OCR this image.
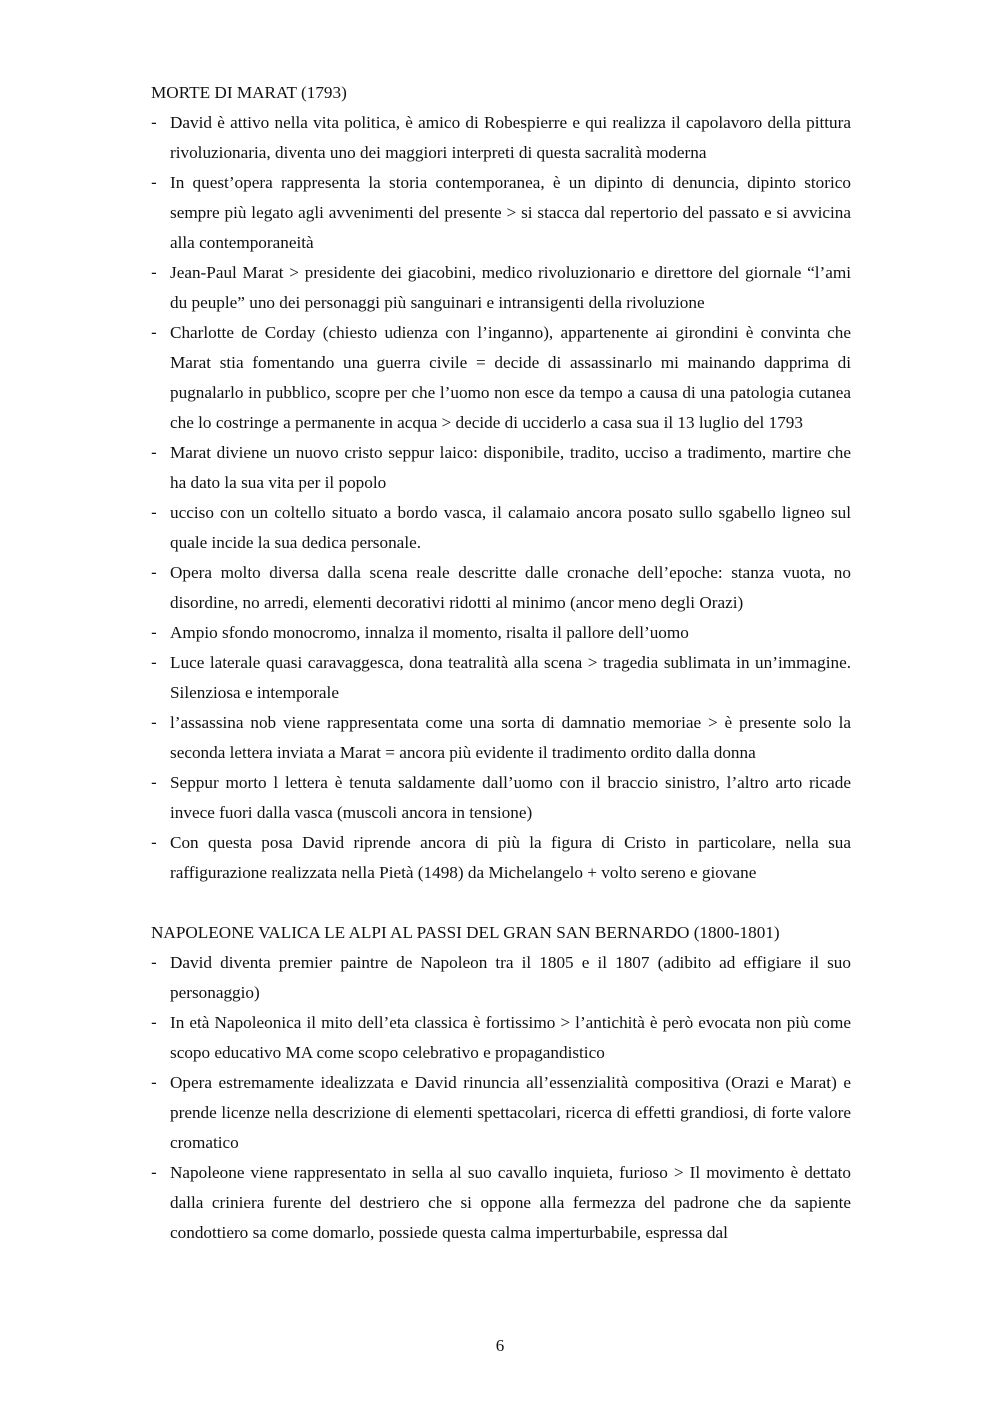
MORTE DI MARAT (1793)
- David è attivo nella vita politica, è amico di Robespierre e qui realizza il capolavoro della pittura rivoluzionaria, diventa uno dei maggiori interpreti di questa sacralità moderna
- In quest’opera rappresenta la storia contemporanea, è un dipinto di denuncia, dipinto storico sempre più legato agli avvenimenti del presente > si stacca dal repertorio del passato e si avvicina alla contemporaneità
- Jean-Paul Marat > presidente dei giacobini, medico rivoluzionario e direttore del giornale “l’ami du peuple” uno dei personaggi più sanguinari e intransigenti della rivoluzione
- Charlotte de Corday (chiesto udienza con l’inganno), appartenente ai girondini è convinta che Marat stia fomentando una guerra civile = decide di assassinarlo mi mainando dapprima di pugnalarlo in pubblico, scopre per che l’uomo non esce da tempo a causa di una patologia cutanea che lo costringe a permanente in acqua > decide di ucciderlo a casa sua il 13 luglio del 1793
- Marat diviene un nuovo cristo seppur laico: disponibile, tradito, ucciso a tradimento, martire che ha dato la sua vita per il popolo
- ucciso con un coltello situato a bordo vasca, il calamaio ancora posato sullo sgabello ligneo sul quale incide la sua dedica personale.
- Opera molto diversa dalla scena reale descritte dalle cronache dell’epoche: stanza vuota, no disordine, no arredi, elementi decorativi ridotti al minimo (ancor meno degli Orazi)
- Ampio sfondo monocromo, innalza il momento, risalta il pallore dell’uomo
- Luce laterale quasi caravaggesca, dona teatralità alla scena > tragedia sublimata in un’immagine. Silenziosa e intemporale
- l’assassina nob viene rappresentata come una sorta di damnatio memoriae > è presente solo la seconda lettera inviata a Marat = ancora più evidente il tradimento ordito dalla donna
- Seppur morto l lettera è tenuta saldamente dall’uomo con il braccio sinistro, l’altro arto ricade invece fuori dalla vasca (muscoli ancora in tensione)
- Con questa posa David riprende ancora di più la figura di Cristo in particolare, nella sua raffigurazione realizzata nella Pietà (1498) da Michelangelo + volto sereno e giovane
NAPOLEONE VALICA LE ALPI AL PASSI DEL GRAN SAN BERNARDO (1800-1801)
- David diventa premier paintre de Napoleon tra il 1805 e il 1807 (adibito ad effigiare il suo personaggio)
- In età Napoleonica il mito dell’eta classica è fortissimo > l’antichità è però evocata non più come scopo educativo MA come scopo celebrativo e propagandistico
- Opera estremamente idealizzata e David rinuncia all’essenzialità compositiva (Orazi e Marat) e prende licenze nella descrizione di elementi spettacolari, ricerca di effetti grandiosi, di forte valore cromatico
- Napoleone viene rappresentato in sella al suo cavallo inquieta, furioso > Il movimento è dettato dalla criniera furente del destriero che si oppone alla fermezza del padrone che da sapiente condottiero sa come domarlo, possiede questa calma imperturbabile, espressa dal
6
